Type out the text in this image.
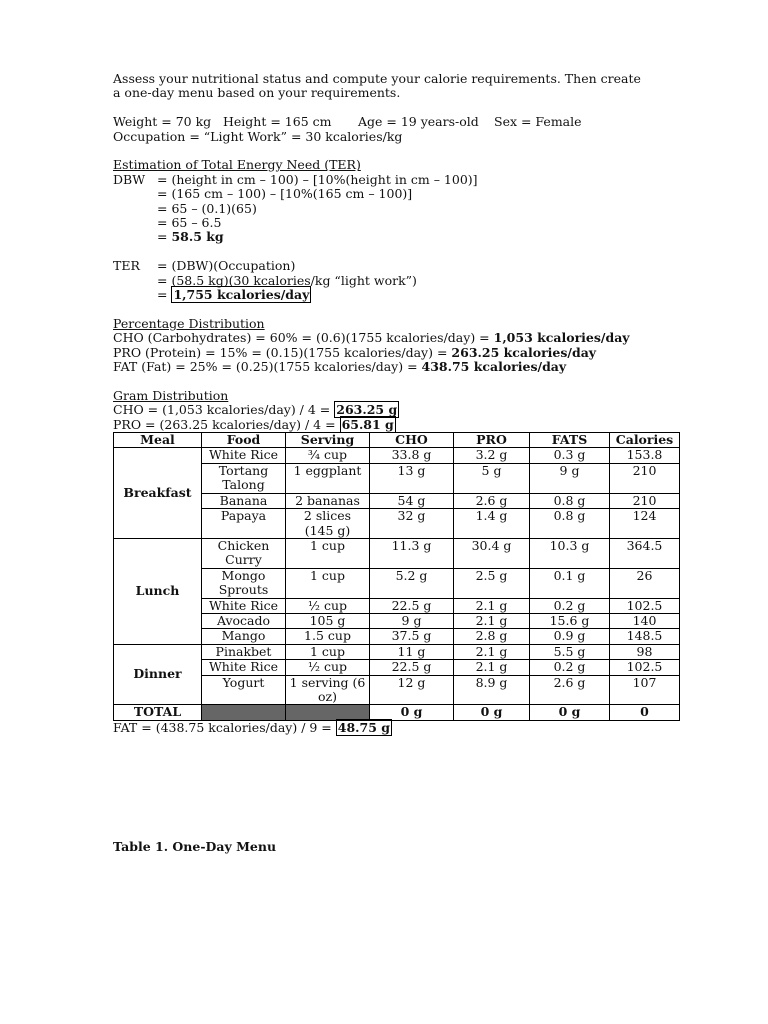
Assess your nutritional status and compute your calorie requirements. Then create

a one-day menu based on your requirements.

Weight = 70 kg Height = 165 cm	Age = 19 years-old	Sex = Female

Occupation = “Light Work” = 30 kcalories/kg

Estimation of Total Energy Need (TER)

DBW = (height in cm – 100) – [10%(height in cm – 100)]
= (165 cm – 100) – [10%(165 cm – 100)]
= 65 – (0.1)(65)
= 65 – 6.5
= 58.5 kg
TER	= (DBW)(Occupation)
= (58.5 kg)(30 kcalories/kg “light work”)
= 1,755 kcalories/day

Percentage Distribution

CHO (Carbohydrates) = 60% = (0.6)(1755 kcalories/day) = 1,053 kcalories/day

PRO (Protein) = 15% = (0.15)(1755 kcalories/day) = 263.25 kcalories/day

FAT (Fat) = 25% = (0.25)(1755 kcalories/day) = 438.75 kcalories/day

Gram Distribution

CHO = (1,053 kcalories/day) / 4 = 263.25 g

PRO = (263.25 kcalories/day) / 4 = 65.81 g

Meal	Food	Serving	CHO	PRO	FATS	Calories
Breakfast	White Rice	¾ cup	33.8 g	3.2 g	0.3 g	153.8
	Tortang Talong	1 eggplant	13 g	5 g	9 g	210
	Banana	2 bananas	54 g	2.6 g	0.8 g	210
	Papaya	2 slices (145 g)	32 g	1.4 g	0.8 g	124
Lunch	Chicken Curry	1 cup	11.3 g	30.4 g	10.3 g	364.5
	Mongo Sprouts	1 cup	5.2 g	2.5 g	0.1 g	26
	White Rice	½ cup	22.5 g	2.1 g	0.2 g	102.5
	Avocado	105 g	9 g	2.1 g	15.6 g	140
	Mango	1.5 cup	37.5 g	2.8 g	0.9 g	148.5
Dinner	Pinakbet	1 cup	11 g	2.1 g	5.5 g	98
	White Rice	½ cup	22.5 g	2.1 g	0.2 g	102.5
	Yogurt	1 serving (6 oz)	12 g	8.9 g	2.6 g	107
TOTAL			0 g	0 g	0 g	0

FAT = (438.75 kcalories/day) / 9 = 48.75 g

Table 1. One-Day Menu
